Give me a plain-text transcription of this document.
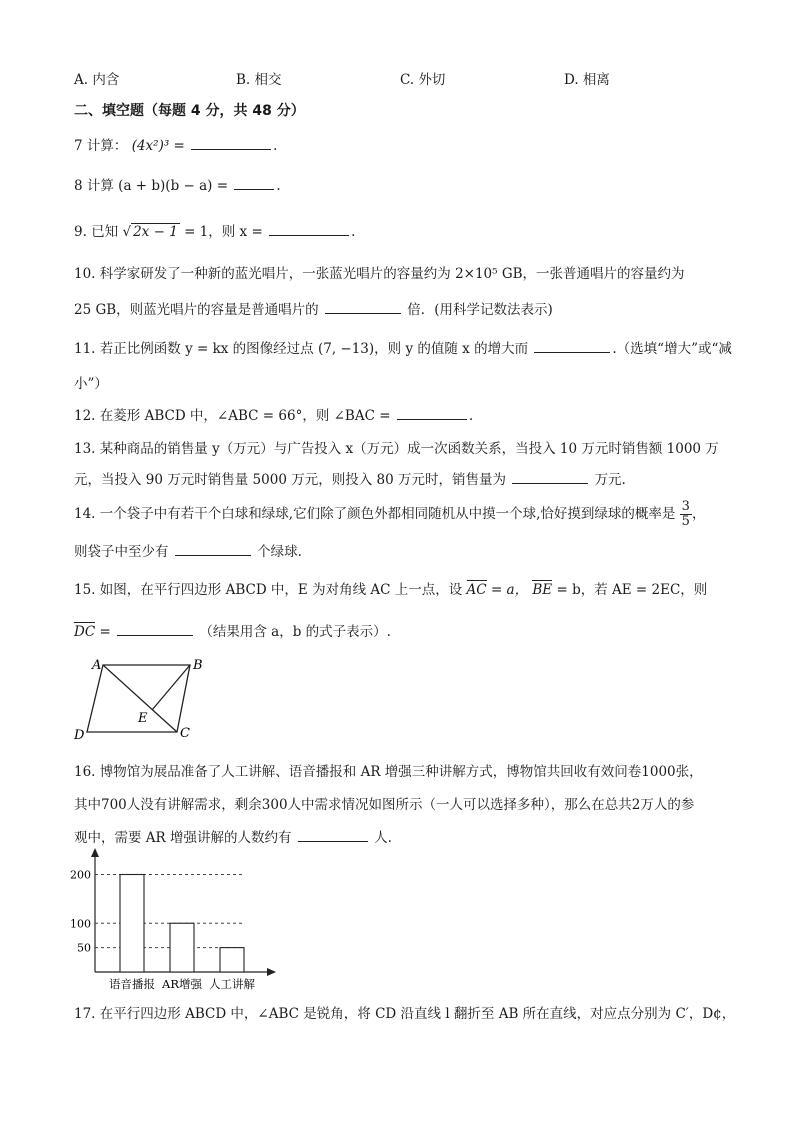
A. 内含	B. 相交	C. 外切	D. 相离
二、填空题（每题 4 分，共 48 分）
7 计算： (4x²)³ =	.
8 计算 (a + b)(b − a) =	.
9. 已知 √ 2x − 1 = 1，则 x =	.
10. 科学家研发了一种新的蓝光唱片，一张蓝光唱片的容量约为 2×10⁵ GB，一张普通唱片的容量约为
25 GB，则蓝光唱片的容量是普通唱片的	倍．(用科学记数法表示)
11. 若正比例函数 y = kx 的图像经过点 (7, −13)，则 y 的值随 x 的增大而	.（选填“增大”或“减
小”）
12. 在菱形 ABCD 中，∠ABC = 66°，则 ∠BAC =	.
13. 某种商品的销售量 y（万元）与广告投入 x（万元）成一次函数关系，当投入 10 万元时销售额 1000 万
元，当投入 90 万元时销售量 5000 万元，则投入 80 万元时，销售量为	万元.
14. 一个袋子中有若干个白球和绿球,它们除了颜色外都相同随机从中摸一个球,恰好摸到绿球的概率是 $\frac{3}{5}$ ，
则袋子中至少有	个绿球.
15. 如图，在平行四边形 ABCD 中，E 为对角线 AC 上一点，设 AC = a， BE = b，若 AE = 2EC，则
DC =	（结果用含 a，b 的式子表示）.
A	B
C
D
E
16. 博物馆为展品准备了人工讲解、语音播报和 AR 增强三种讲解方式，博物馆共回收有效问卷1000张，
其中700人没有讲解需求，剩余300人中需求情况如图所示（一人可以选择多种），那么在总共2万人的参
观中，需要 AR 增强讲解的人数约有	人.
50
100
200
语音播报 AR增强 人工讲解
17. 在平行四边形 ABCD 中，∠ABC 是锐角，将 CD 沿直线 l 翻折至 AB 所在直线，对应点分别为 C′，D¢，
